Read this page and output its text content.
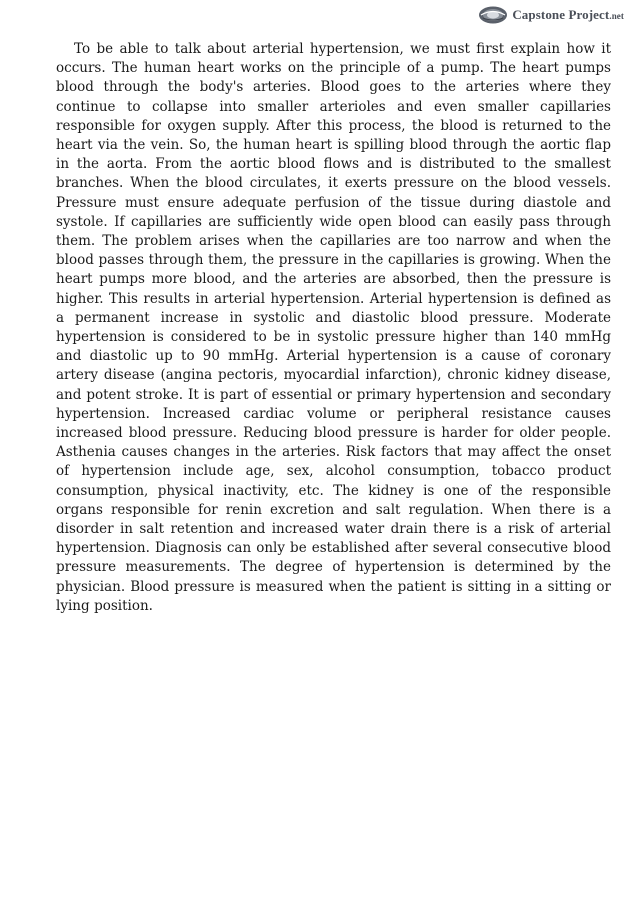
Capstone Project.net

To be able to talk about arterial hypertension, we must first explain how it occurs. The human heart works on the principle of a pump. The heart pumps blood through the body's arteries. Blood goes to the arteries where they continue to collapse into smaller arterioles and even smaller capillaries responsible for oxygen supply. After this process, the blood is returned to the heart via the vein. So, the human heart is spilling blood through the aortic flap in the aorta. From the aortic blood flows and is distributed to the smallest branches. When the blood circulates, it exerts pressure on the blood vessels. Pressure must ensure adequate perfusion of the tissue during diastole and systole. If capillaries are sufficiently wide open blood can easily pass through them. The problem arises when the capillaries are too narrow and when the blood passes through them, the pressure in the capillaries is growing. When the heart pumps more blood, and the arteries are absorbed, then the pressure is higher. This results in arterial hypertension. Arterial hypertension is defined as a permanent increase in systolic and diastolic blood pressure. Moderate hypertension is considered to be in systolic pressure higher than 140 mmHg and diastolic up to 90 mmHg. Arterial hypertension is a cause of coronary artery disease (angina pectoris, myocardial infarction), chronic kidney disease, and potent stroke. It is part of essential or primary hypertension and secondary hypertension. Increased cardiac volume or peripheral resistance causes increased blood pressure. Reducing blood pressure is harder for older people. Asthenia causes changes in the arteries. Risk factors that may affect the onset of hypertension include age, sex, alcohol consumption, tobacco product consumption, physical inactivity, etc. The kidney is one of the responsible organs responsible for renin excretion and salt regulation. When there is a disorder in salt retention and increased water drain there is a risk of arterial hypertension. Diagnosis can only be established after several consecutive blood pressure measurements. The degree of hypertension is determined by the physician. Blood pressure is measured when the patient is sitting in a sitting or lying position.
